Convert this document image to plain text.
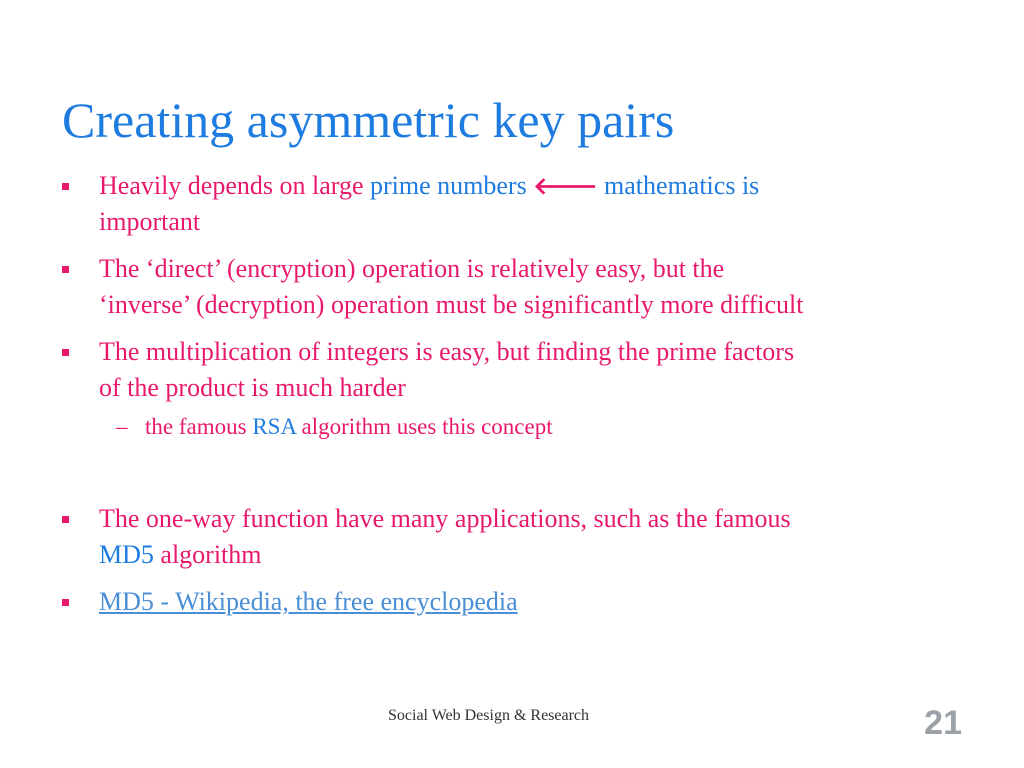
Creating asymmetric key pairs
Heavily depends on large prime numbers 🡐 mathematics is
important
The ‘direct’ (encryption) operation is relatively easy, but the
‘inverse’ (decryption) operation must be significantly more difficult
The multiplication of integers is easy, but finding the prime factors
of the product is much harder
– the famous RSA algorithm uses this concept
The one-way function have many applications, such as the famous
MD5 algorithm
MD5 - Wikipedia, the free encyclopedia
Social Web Design & Research	21
